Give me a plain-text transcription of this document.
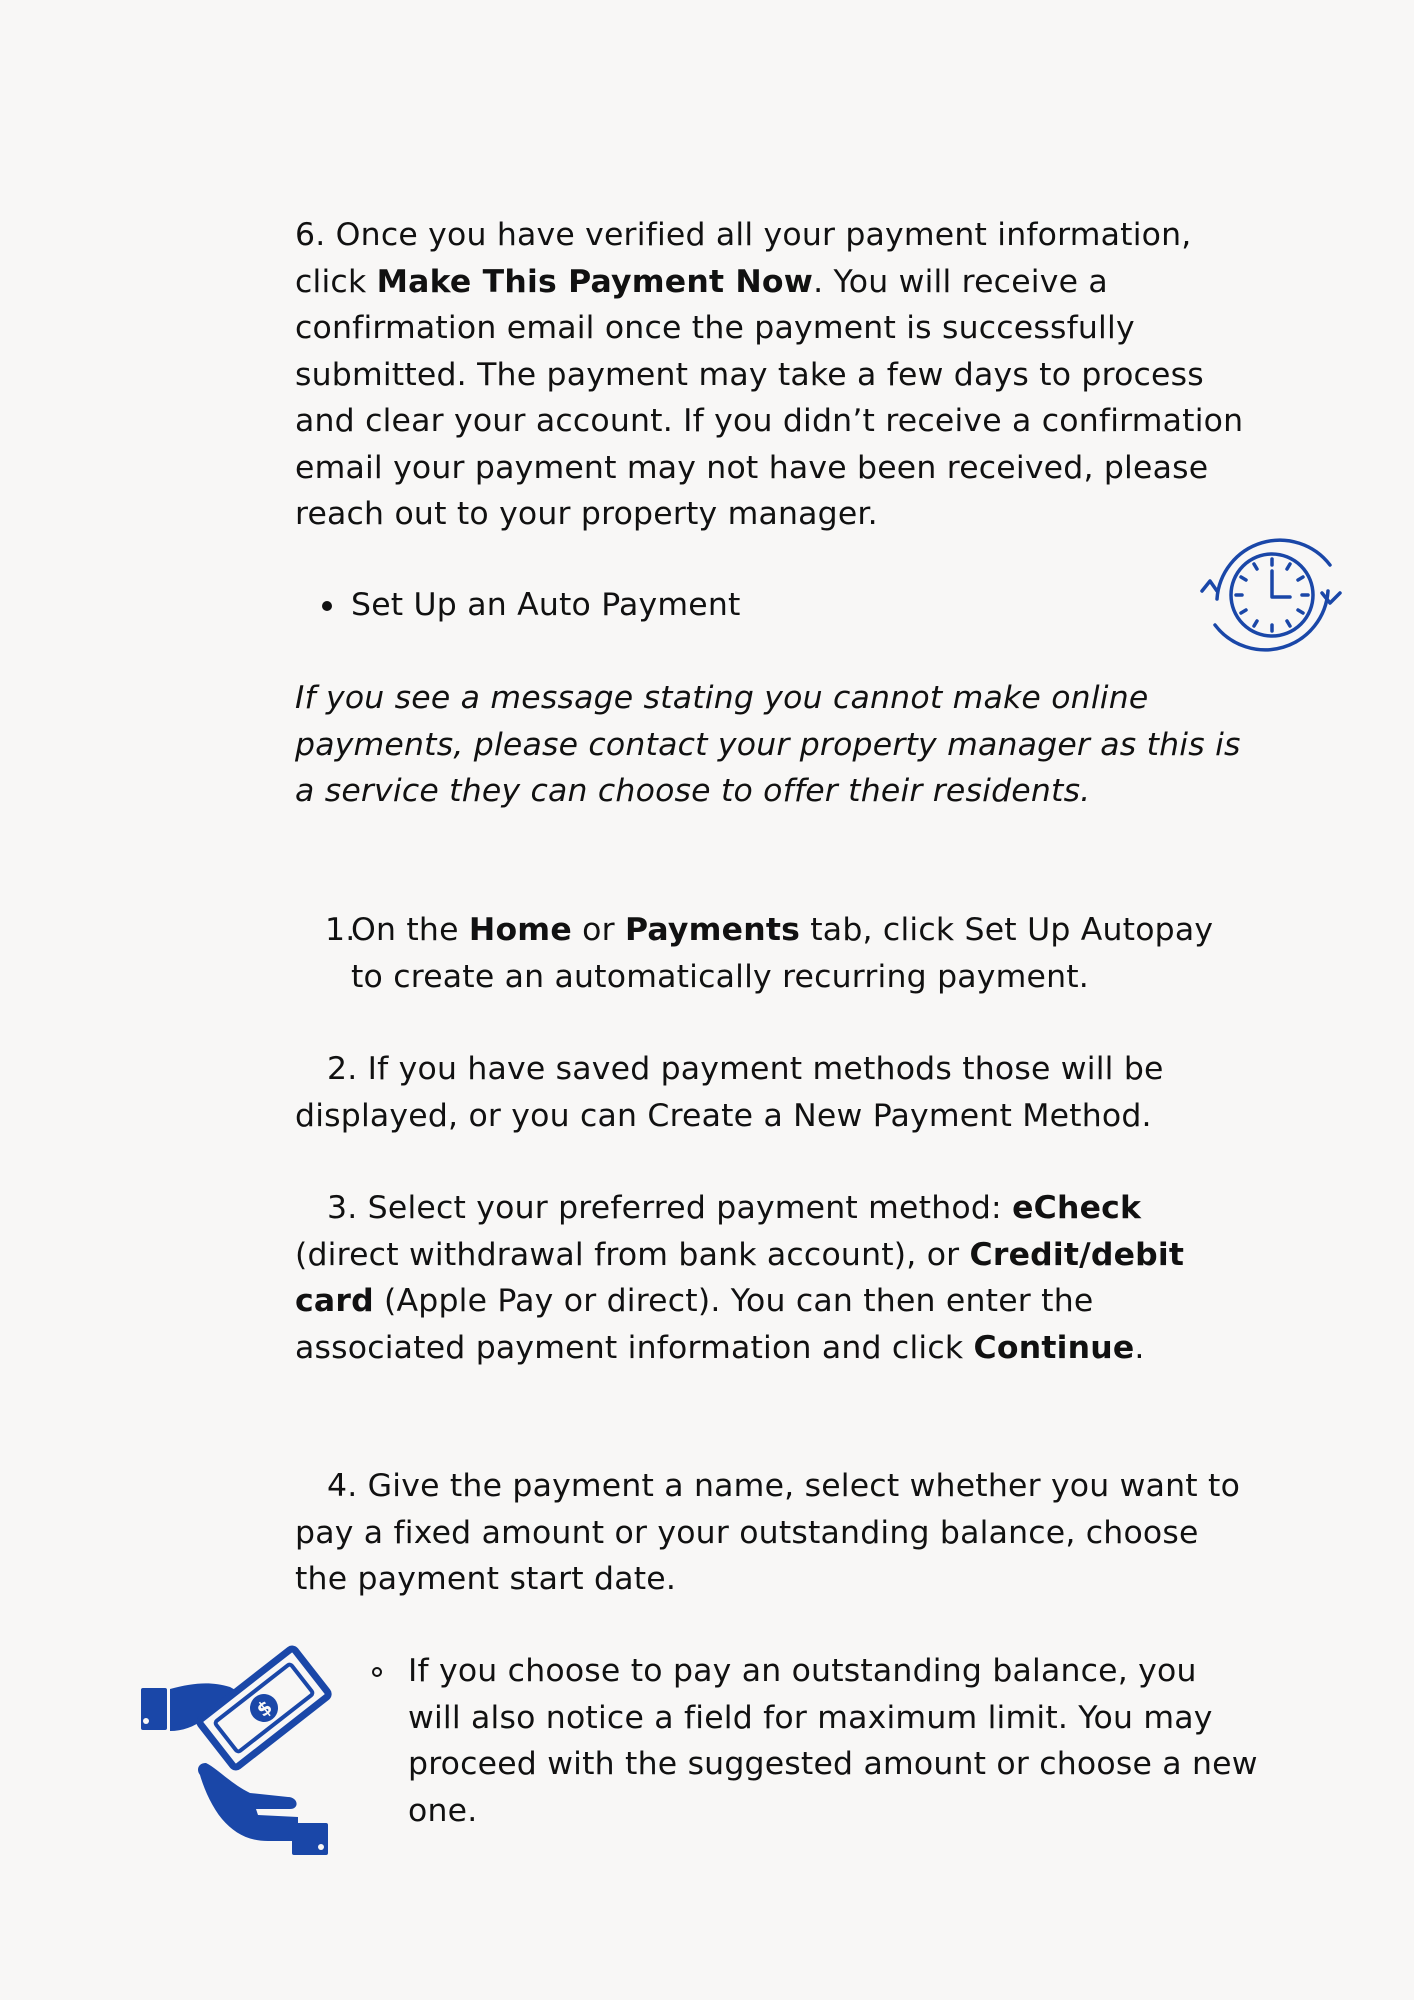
6. Once you have verified all your payment information, click Make This Payment Now. You will receive a confirmation email once the payment is successfully submitted. The payment may take a few days to process and clear your account. If you didn’t receive a confirmation email your payment may not have been received, please reach out to your property manager.

Set Up an Auto Payment

If you see a message stating you cannot make online payments, please contact your property manager as this is a service they can choose to offer their residents.

1.

On the Home or Payments tab, click Set Up Autopay to create an automatically recurring payment.

2. If you have saved payment methods those will be displayed, or you can Create a New Payment Method.

3. Select your preferred payment method: eCheck (direct withdrawal from bank account), or Credit/debit card (Apple Pay or direct). You can then enter the associated payment information and click Continue.

4. Give the payment a name, select whether you want to pay a fixed amount or your outstanding balance, choose the payment start date.

If you choose to pay an outstanding balance, you will also notice a field for maximum limit. You may proceed with the suggested amount or choose a new one.

$
